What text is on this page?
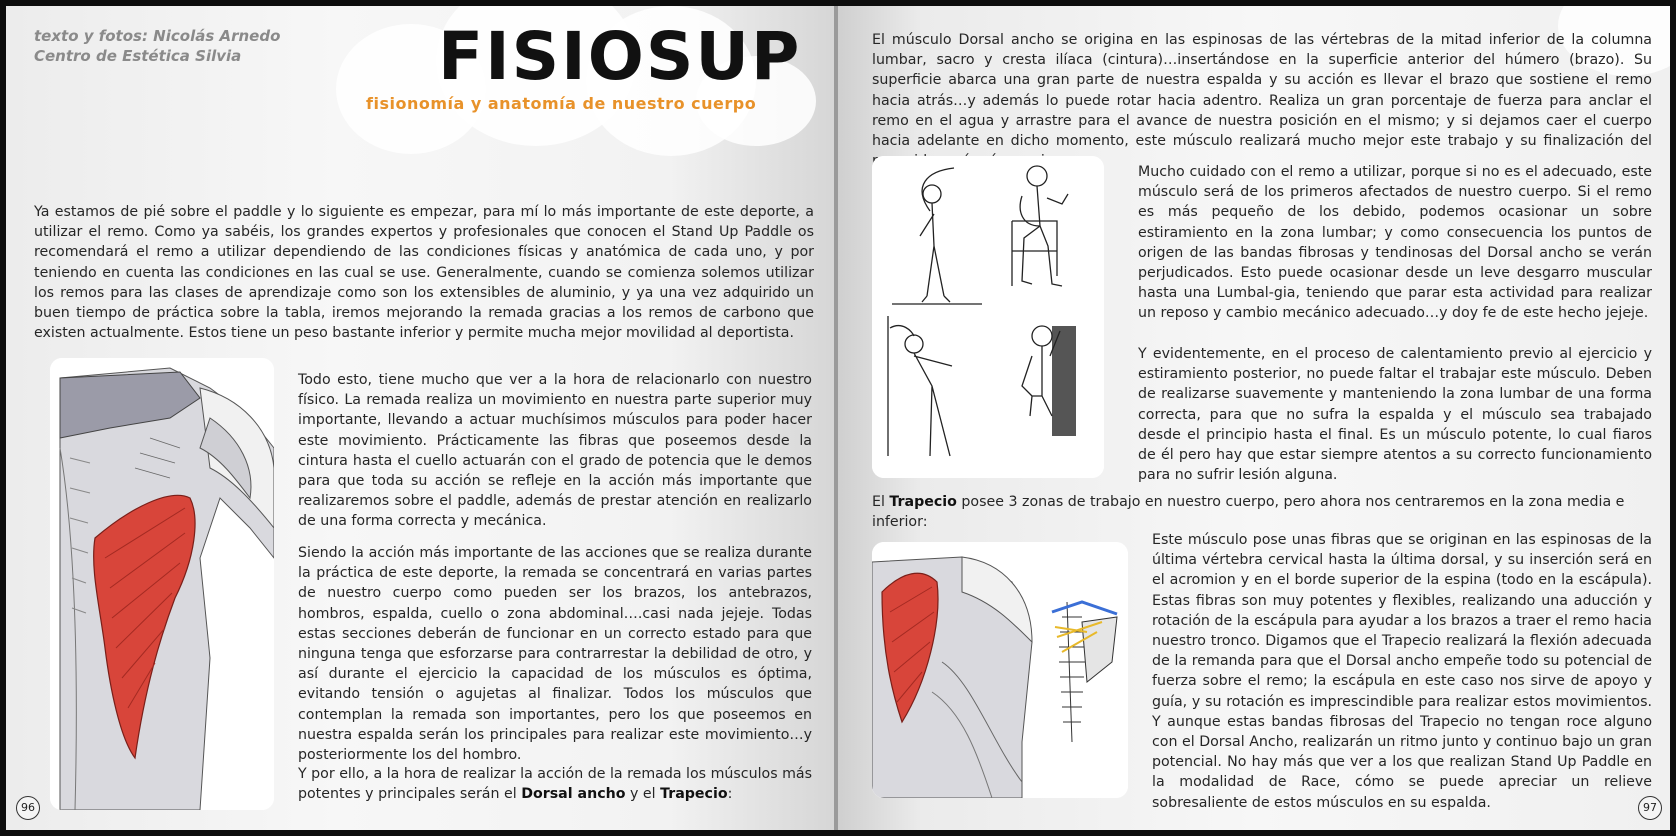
texto y fotos: Nicolás Arnedo
Centro de Estética Silvia	FISIOSUP
fisionomía y anatomía de nuestro cuerpo

Ya estamos de pié sobre el paddle y lo siguiente es empezar, para mí lo más importante de este deporte, a utilizar el remo. Como ya sabéis, los grandes expertos y profesionales que conocen el Stand Up Paddle os recomendará el remo a utilizar dependiendo de las condiciones físicas y anatómica de cada uno, y por teniendo en cuenta las condiciones en las cual se use. Generalmente, cuando se comienza solemos utilizar los remos para las clases de aprendizaje como son los extensibles de aluminio, y ya una vez adquirido un buen tiempo de práctica sobre la tabla, iremos mejorando la remada gracias a los remos de carbono que existen actualmente. Estos tiene un peso bastante inferior y permite mucha mejor movilidad al deportista.

Todo esto, tiene mucho que ver a la hora de relacionarlo con nuestro físico. La remada realiza un movimiento en nuestra parte superior muy importante, llevando a actuar muchísimos músculos para poder hacer este movimiento. Prácticamente las fibras que poseemos desde la cintura hasta el cuello actuarán con el grado de potencia que le demos para que toda su acción se refleje en la acción más importante que realizaremos sobre el paddle, además de prestar atención en realizarlo de una forma correcta y mecánica.

Siendo la acción más importante de las acciones que se realiza durante la práctica de este deporte, la remada se concentrará en varias partes de nuestro cuerpo como pueden ser los brazos, los antebrazos, hombros, espalda, cuello o zona abdominal….casi nada jejeje. Todas estas secciones deberán de funcionar en un correcto estado para que ninguna tenga que esforzarse para contrarrestar la debilidad de otro, y así durante el ejercicio la capacidad de los músculos es óptima, evitando tensión o agujetas al finalizar. Todos los músculos que contemplan la remada son importantes, pero los que poseemos en nuestra espalda serán los principales para realizar este movimiento…y posteriormente los del hombro.

Y por ello, a la hora de realizar la acción de la remada los músculos más potentes y principales serán el Dorsal ancho y el Trapecio:

96

El músculo Dorsal ancho se origina en las espinosas de las vértebras de la mitad inferior de la columna lumbar, sacro y cresta ilíaca (cintura)…insertándose en la superficie anterior del húmero (brazo). Su superficie abarca una gran parte de nuestra espalda y su acción es llevar el brazo que sostiene el remo hacia atrás…y además lo puede rotar hacia adentro. Realiza un gran porcentaje de fuerza para anclar el remo en el agua y arrastre para el avance de nuestra posición en el mismo; y si dejamos caer el cuerpo hacia adelante en dicho momento, este músculo realizará mucho mejor este trabajo y su finalización del

Mucho cuidado con el remo a utilizar, porque si no es el adecuado, este músculo será de los primeros afectados de nuestro cuerpo. Si el remo es más pequeño de los debido, podemos ocasionar un sobre estiramiento en la zona lumbar; y como consecuencia los puntos de origen de las bandas fibrosas y tendinosas del Dorsal ancho se verán perjudicados. Esto puede ocasionar desde un leve desgarro muscular hasta una Lumbal-gia, teniendo que parar esta actividad para realizar un reposo y cambio mecánico adecuado…y doy fe de este hecho jejeje.

Y evidentemente, en el proceso de calentamiento previo al ejercicio y estiramiento posterior, no puede faltar el trabajar este músculo. Deben de realizarse suavemente y manteniendo la zona lumbar de una forma correcta, para que no sufra la espalda y el músculo sea trabajado desde el principio hasta el final. Es un músculo potente, lo cual fiaros de él pero hay que estar siempre atentos a su correcto funcionamiento para no sufrir lesión alguna.

El Trapecio posee 3 zonas de trabajo en nuestro cuerpo, pero ahora nos centraremos en la zona media e inferior:

Este músculo pose unas fibras que se originan en las espinosas de la última vértebra cervical hasta la última dorsal, y su inserción será en el acromion y en el borde superior de la espina (todo en la escápula). Estas fibras son muy potentes y flexibles, realizando una aducción y rotación de la escápula para ayudar a los brazos a traer el remo hacia nuestro tronco. Digamos que el Trapecio realizará la flexión adecuada de la remanda para que el Dorsal ancho empeñe todo su potencial de fuerza sobre el remo; la escápula en este caso nos sirve de apoyo y guía, y su rotación es imprescindible para realizar estos movimientos. Y aunque estas bandas fibrosas del Trapecio no tengan roce alguno con el Dorsal Ancho, realizarán un ritmo junto y continuo bajo un gran potencial. No hay más que ver a los que realizan Stand Up Paddle en la modalidad de Race, cómo se puede apreciar un relieve sobresaliente de estos músculos en su espalda.	97
